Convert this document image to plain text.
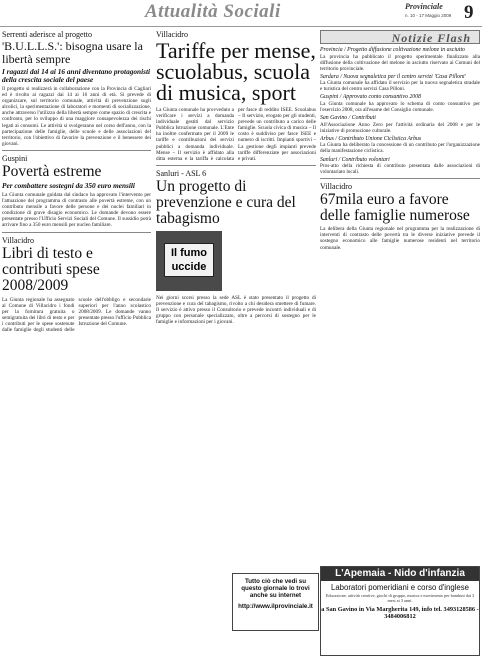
Attualità Sociali	Provinciale
n. 10 - 17 Maggio 2009 9
Serrenti aderisce al progetto
'B.U.L.L.S.': bisogna usare la libertà sempre
I ragazzi dai 14 ai 16 anni diventano protagonisti della crescita sociale del paese
Il progetto si realizzerà in collaborazione con la Provincia di Cagliari ed è rivolto ai ragazzi dai 14 ai 16 anni di età. Si prevede di organizzare, sul territorio comunale, attività di prevenzione sugli alcolici, la sperimentazione di laboratori e momenti di socializzazione, anche attraverso l'utilizzo della libertà sempre come spazio di crescita e confronto, per lo sviluppo di una maggiore consapevolezza dei rischi legati ai consumi. Le attività si svolgeranno nel corso dell'anno, con la partecipazione delle famiglie, delle scuole e delle associazioni del territorio, con l'obiettivo di favorire la prevenzione e il benessere dei giovani.
Guspini
Povertà estreme
Per combattere sostegni da 350 euro mensili
La Giunta comunale guidata dal sindaco ha approvato l'intervento per l'attuazione del programma di contrasto alle povertà estreme, con un contributo mensile a favore delle persone e dei nuclei familiari in condizione di grave disagio economico. Le domande devono essere presentate presso l'Ufficio Servizi Sociali del Comune. Il sussidio potrà arrivare fino a 350 euro mensili per nucleo familiare.
Villacidro
Libri di testo e contributi spese 2008/2009
La Giunta regionale ha assegnato al Comune di Villacidro i fondi per la fornitura gratuita o semigratuita dei libri di testo e per i contributi per le spese sostenute dalle famiglie degli studenti delle scuole dell'obbligo e secondarie superiori per l'anno scolastico 2008/2009. Le domande vanno presentate presso l'ufficio Pubblica Istruzione del Comune.
Villacidro
Tariffe per mense, scuolabus, scuola di musica, sport
La Giunta comunale ha provveduto a verificare i servizi a domanda individuale gestiti dal servizio Pubblica Istruzione comunale. L'Ente ha inoltre confermato per il 2009 le tariffe e contribuzioni dei servizi pubblici a domanda individuale. Mense – Il servizio è affidato alla ditta esterna e la tariffa è calcolata per fasce di reddito ISEE. Scuolabus – Il servizio, erogato per gli studenti, prevede un contributo a carico delle famiglie. Scuola civica di musica – Il costo è suddiviso per fasce ISEE e numero di iscritti. Impianti sportivi – La gestione degli impianti prevede tariffe differenziate per associazioni e privati.
Sanluri - ASL 6
Un progetto di prevenzione e cura del tabagismo
Il fumo uccide
Nei giorni scorsi presso la sede ASL è stato presentato il progetto di prevenzione e cura del tabagismo, rivolto a chi desidera smettere di fumare. Il servizio è attivo presso il Consultorio e prevede incontri individuali e di gruppo con personale specializzato, oltre a percorsi di sostegno per le famiglie e informazioni per i giovani.
Notizie Flash
Provincia / Progetto diffusione coltivazione melone in asciutto
La provincia ha pubblicato il progetto sperimentale finalizzato alla diffusione della coltivazione del melone in asciutto riservato ai Comuni del territorio provinciale.
Sardara / Nuova segnaletica per il centro servizi 'Casa Pilloni'
La Giunta comunale ha affidato il servizio per la nuova segnaletica stradale e turistica del centro servizi Casa Pilloni.
Guspini / Approvato conto consuntivo 2008
La Giunta comunale ha approvato lo schema di conto consuntivo per l'esercizio 2008, ora all'esame del Consiglio comunale.
San Gavino / Contributi
All'Associazione Anno Zero per l'attività ordinaria del 2008 e per le iniziative di promozione culturale.
Arbus / Contributo Unione Ciclistica Arbus
La Giunta ha deliberato la concessione di un contributo per l'organizzazione della manifestazione ciclistica.
Sanluri / Contributo volontari
Pros-atto della richiesta di contributo presentata dalle associazioni di volontariato locali.
Villacidro
67mila euro a favore delle famiglie numerose
La delibera della Giunta regionale nel programma per la realizzazione di interventi di contrasto delle povertà tra le diverse iniziative prevede il sostegno economico alle famiglie numerose residenti nel territorio comunale.
Tutto ciò che vedi su questo giornale lo trovi anche su internet
http://www.ilprovinciale.it
L'Apemaia - Nido d'infanzia
Laboratori pomeridiani e corso d'inglese
Educazione, attività creative, giochi di gruppo, musica e movimento per bambini dai 3 mesi ai 3 anni.
a San Gavino in Via Margherita 149, info tel. 3493128586 - 3484006812
